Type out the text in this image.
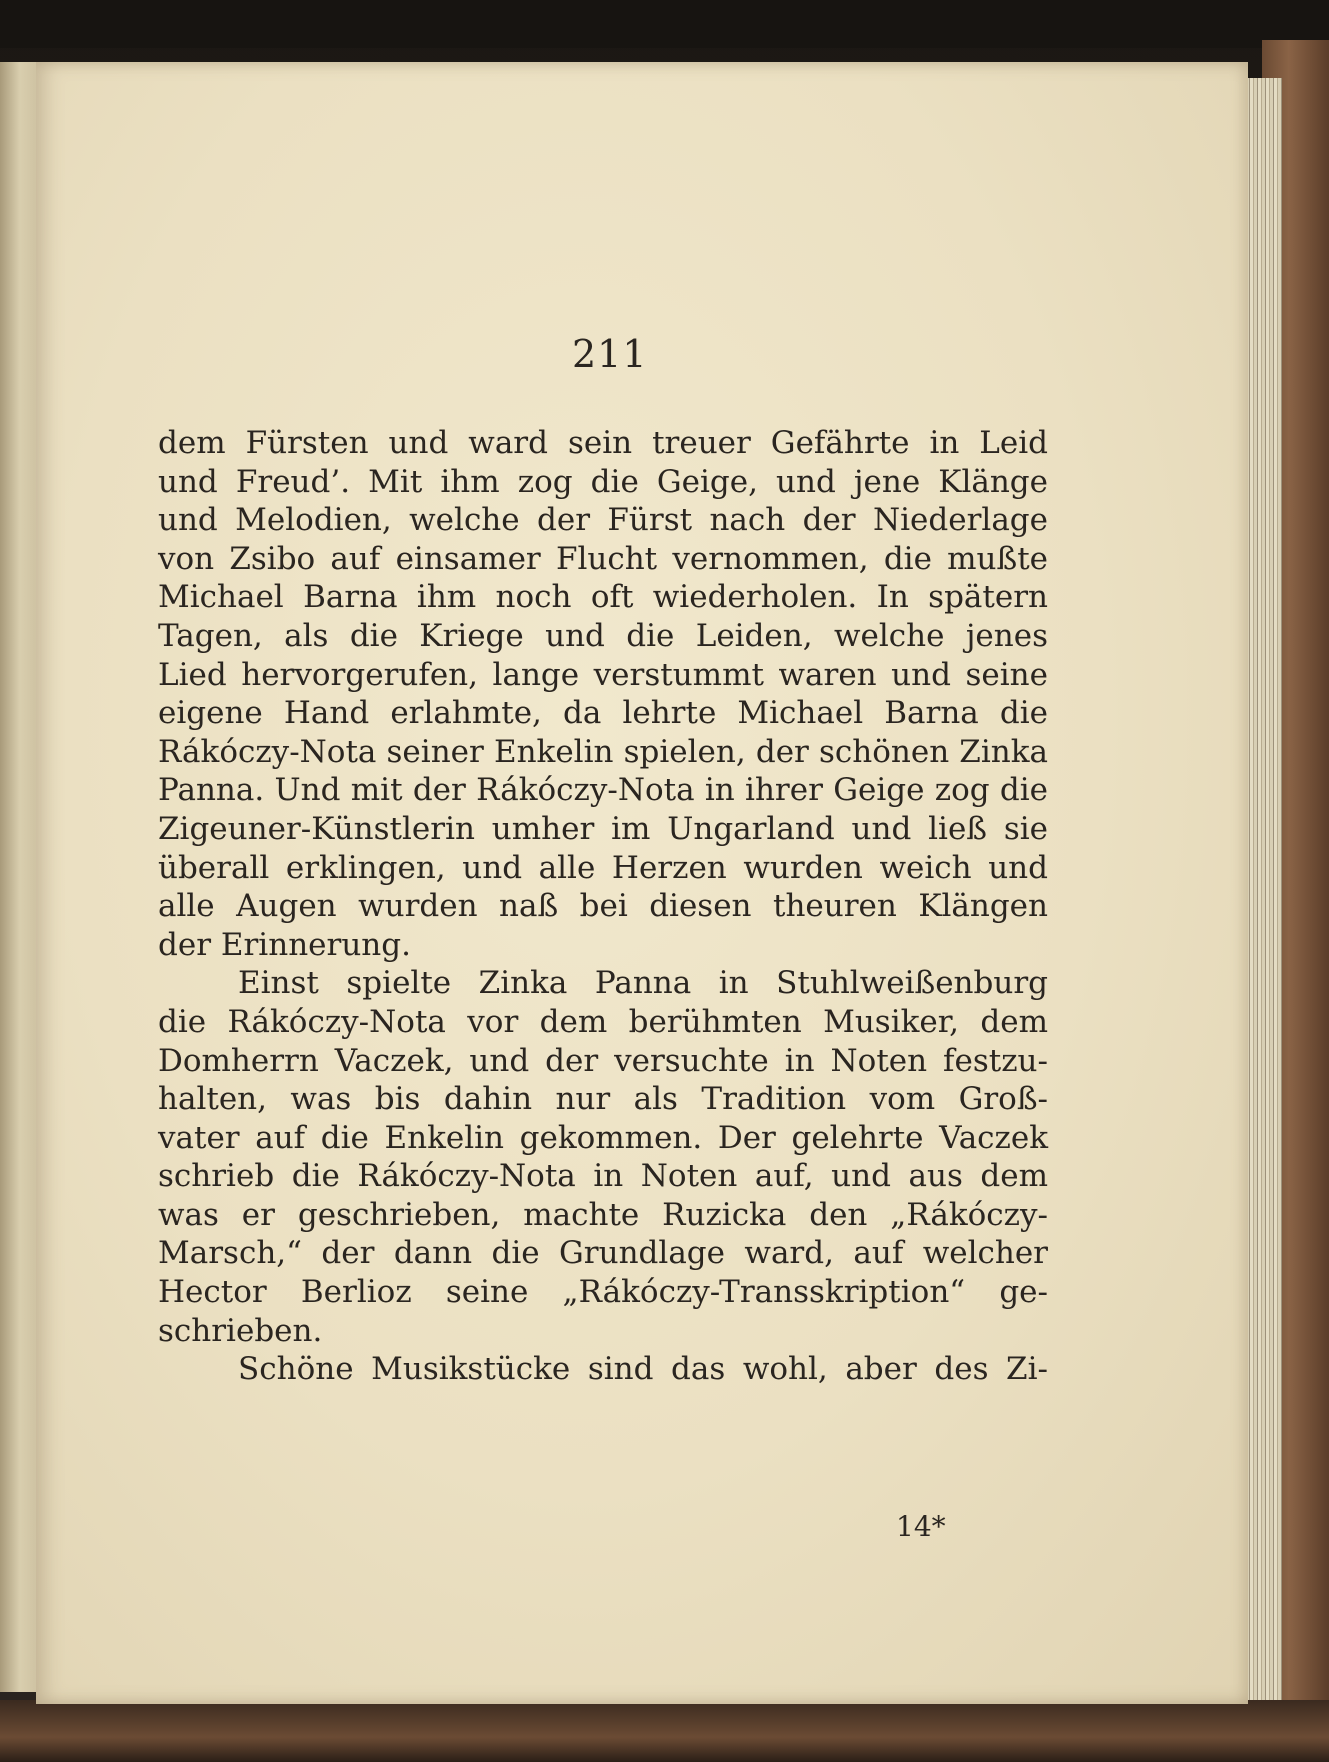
211
dem Fürsten und ward sein treuer Gefährte in Leid
und Freud’. Mit ihm zog die Geige, und jene Klänge
und Melodien, welche der Fürst nach der Niederlage
von Zsibo auf einsamer Flucht vernommen, die mußte
Michael Barna ihm noch oft wiederholen. In spätern
Tagen, als die Kriege und die Leiden, welche jenes
Lied hervorgerufen, lange verstummt waren und seine
eigene Hand erlahmte, da lehrte Michael Barna die
Rákóczy-Nota seiner Enkelin spielen, der schönen Zinka
Panna. Und mit der Rákóczy-Nota in ihrer Geige zog die
Zigeuner-Künstlerin umher im Ungarland und ließ sie
überall erklingen, und alle Herzen wurden weich und
alle Augen wurden naß bei diesen theuren Klängen
der Erinnerung.
Einst spielte Zinka Panna in Stuhlweißenburg
die Rákóczy-Nota vor dem berühmten Musiker, dem
Domherrn Vaczek, und der versuchte in Noten festzu-
halten, was bis dahin nur als Tradition vom Groß-
vater auf die Enkelin gekommen. Der gelehrte Vaczek
schrieb die Rákóczy-Nota in Noten auf, und aus dem
was er geschrieben, machte Ruzicka den „Rákóczy-
Marsch,“ der dann die Grundlage ward, auf welcher
Hector Berlioz seine „Rákóczy-Transskription“ ge-
schrieben.
Schöne Musikstücke sind das wohl, aber des Zi-
14*
